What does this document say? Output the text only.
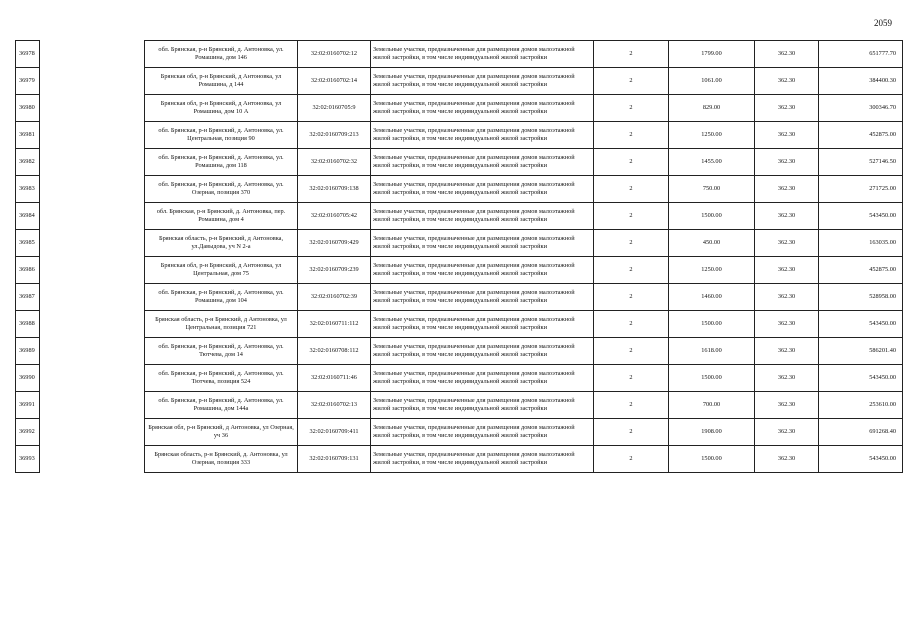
2059
36978		обл. Брянская, р-н Брянский, д. Антоновка, ул. Ромашина, дом 146	32:02:0160702:12	Земельные участки, предназначенные для размещения домов малоэтажной жилой застройки, в том числе индивидуальной жилой застройки	2	1799.00	362.30	651777.70
36979		Брянская обл, р-н Брянский, д Антоновка, ул Ромашина, д 144	32:02:0160702:14	Земельные участки, предназначенные для размещения домов малоэтажной жилой застройки, в том числе индивидуальной жилой застройки	2	1061.00	362.30	384400.30
36980		Брянская обл, р-н Брянский, д Антоновка, ул Ромашина, дом 10 А	32:02:0160705:9	Земельные участки, предназначенные для размещения домов малоэтажной жилой застройки, в том числе индивидуальной жилой застройки	2	829.00	362.30	300346.70
36981		обл. Брянская, р-н Брянский, д. Антоновка, ул. Центральная, позиция 90	32:02:0160709:213	Земельные участки, предназначенные для размещения домов малоэтажной жилой застройки, в том числе индивидуальной жилой застройки	2	1250.00	362.30	452875.00
36982		обл. Брянская, р-н Брянский, д. Антоновка, ул. Ромашина, дом 118	32:02:0160702:32	Земельные участки, предназначенные для размещения домов малоэтажной жилой застройки, в том числе индивидуальной жилой застройки	2	1455.00	362.30	527146.50
36983		обл. Брянская, р-н Брянский, д. Антоновка, ул. Озерная, позиция 370	32:02:0160709:138	Земельные участки, предназначенные для размещения домов малоэтажной жилой застройки, в том числе индивидуальной жилой застройки	2	750.00	362.30	271725.00
36984		обл. Брянская, р-н Брянский, д. Антоновка, пер. Ромашина, дом 4	32:02:0160705:42	Земельные участки, предназначенные для размещения домов малоэтажной жилой застройки, в том числе индивидуальной жилой застройки	2	1500.00	362.30	543450.00
36985		Брянская область, р-н Брянский, д Антоновка, ул.Давыдова, уч N 2-а	32:02:0160709:429	Земельные участки, предназначенные для размещения домов малоэтажной жилой застройки, в том числе индивидуальной жилой застройки	2	450.00	362.30	163035.00
36986		Брянская обл, р-н Брянский, д Антоновка, ул Центральная, дом 75	32:02:0160709:239	Земельные участки, предназначенные для размещения домов малоэтажной жилой застройки, в том числе индивидуальной жилой застройки	2	1250.00	362.30	452875.00
36987		обл. Брянская, р-н Брянский, д. Антоновка, ул. Ромашина, дом 104	32:02:0160702:39	Земельные участки, предназначенные для размещения домов малоэтажной жилой застройки, в том числе индивидуальной жилой застройки	2	1460.00	362.30	528958.00
36988		Брянская область, р-н Брянский, д Антоновка, ул Центральная, позиция 721	32:02:0160711:112	Земельные участки, предназначенные для размещения домов малоэтажной жилой застройки, в том числе индивидуальной жилой застройки	2	1500.00	362.30	543450.00
36989		обл. Брянская, р-н Брянский, д. Антоновка, ул. Тютчева, дом 14	32:02:0160708:112	Земельные участки, предназначенные для размещения домов малоэтажной жилой застройки, в том числе индивидуальной жилой застройки	2	1618.00	362.30	586201.40
36990		обл. Брянская, р-н Брянский, д. Антоновка, ул. Тютчева, позиция 524	32:02:0160711:46	Земельные участки, предназначенные для размещения домов малоэтажной жилой застройки, в том числе индивидуальной жилой застройки	2	1500.00	362.30	543450.00
36991		обл. Брянская, р-н Брянский, д. Антоновка, ул. Ромашина, дом 144а	32:02:0160702:13	Земельные участки, предназначенные для размещения домов малоэтажной жилой застройки, в том числе индивидуальной жилой застройки	2	700.00	362.30	253610.00
36992		Брянская обл, р-н Брянский, д Антоновка, ул Озерная, уч 36	32:02:0160709:411	Земельные участки, предназначенные для размещения домов малоэтажной жилой застройки, в том числе индивидуальной жилой застройки	2	1908.00	362.30	691268.40
36993		Брянская область, р-н Брянский, д. Антоновка, ул Озерная, позиция 333	32:02:0160709:131	Земельные участки, предназначенные для размещения домов малоэтажной жилой застройки, в том числе индивидуальной жилой застройки	2	1500.00	362.30	543450.00
